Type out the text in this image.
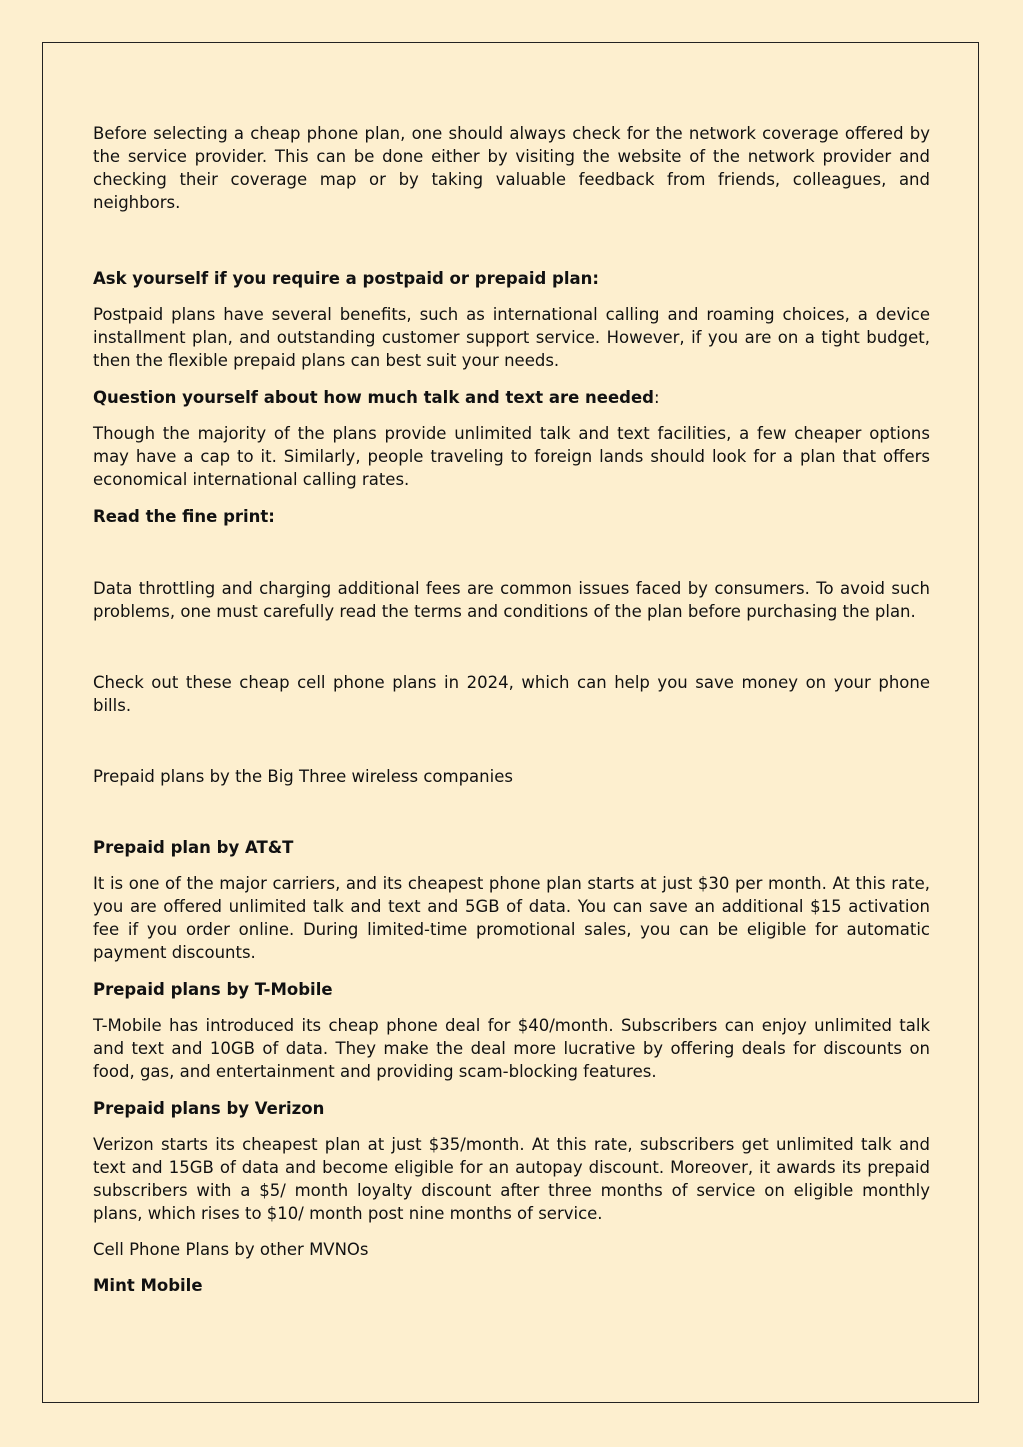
Before selecting a cheap phone plan, one should always check for the network coverage offered by the service provider. This can be done either by visiting the website of the network provider and checking their coverage map or by taking valuable feedback from friends, colleagues, and neighbors.

Ask yourself if you require a postpaid or prepaid plan:

Postpaid plans have several benefits, such as international calling and roaming choices, a device installment plan, and outstanding customer support service. However, if you are on a tight budget, then the flexible prepaid plans can best suit your needs.

Question yourself about how much talk and text are needed:

Though the majority of the plans provide unlimited talk and text facilities, a few cheaper options may have a cap to it. Similarly, people traveling to foreign lands should look for a plan that offers economical international calling rates.

Read the fine print:

Data throttling and charging additional fees are common issues faced by consumers. To avoid such problems, one must carefully read the terms and conditions of the plan before purchasing the plan.

Check out these cheap cell phone plans in 2024, which can help you save money on your phone bills.

Prepaid plans by the Big Three wireless companies

Prepaid plan by AT&T

It is one of the major carriers, and its cheapest phone plan starts at just $30 per month. At this rate, you are offered unlimited talk and text and 5GB of data. You can save an additional $15 activation fee if you order online. During limited-time promotional sales, you can be eligible for automatic payment discounts.

Prepaid plans by T-Mobile

T-Mobile has introduced its cheap phone deal for $40/month. Subscribers can enjoy unlimited talk and text and 10GB of data. They make the deal more lucrative by offering deals for discounts on food, gas, and entertainment and providing scam-blocking features.

Prepaid plans by Verizon

Verizon starts its cheapest plan at just $35/month. At this rate, subscribers get unlimited talk and text and 15GB of data and become eligible for an autopay discount. Moreover, it awards its prepaid subscribers with a $5/ month loyalty discount after three months of service on eligible monthly plans, which rises to $10/ month post nine months of service.

Cell Phone Plans by other MVNOs

Mint Mobile
